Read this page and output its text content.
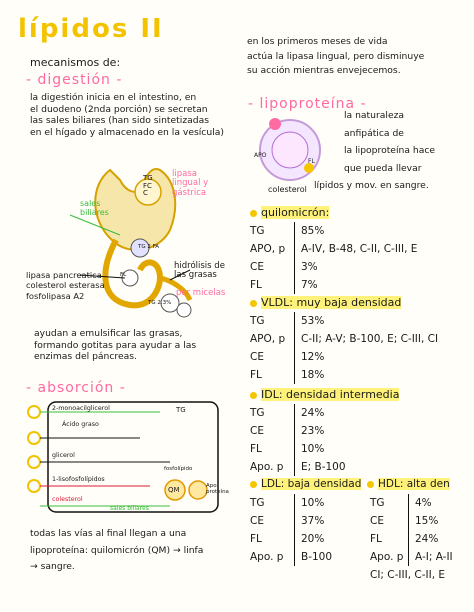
lípidos II
mecanismos de:
- digestión -
la digestión inicia en el intestino, en
el duodeno (2nda porción) se secretan
las sales biliares (han sido sintetizadas
en el hígado y almacenado en la vesícula)
TG
FC
C
lipasa lingual y gástrica
sales biliares
TG 2 FA
FL
TG 2.3%
hidrólisis de las grasas
por micelas
lipasa pancreatica
colesterol esterasa
fosfolipasa A2
ayudan a emulsificar las grasas,
formando gotitas para ayudar a las
enzimas del páncreas.
- absorción -
2-monoacilglicerol
Ácido graso
glicerol
1-lisofosfolípidos
colesterol
TG
QM	Apo proteína
fosfolípido
sales biliares
todas las vías al final llegan a una
lipoproteína: quilomicrón (QM) → linfa
→ sangre.
en los primeros meses de vida
actúa la lipasa lingual, pero disminuye
su acción mientras envejecemos.
- lipoproteína -
APO
FL
colesterol
la naturaleza
anfipática de
la lipoproteína hace
que pueda llevar
lípidos y mov. en sangre.
quilomicrón:
TG	85%
APO, p A-IV, B-48, C-II, C-III, E
CE	3%
FL	7%
VLDL: muy baja densidad
TG	53%
APO, p C-II; A-V; B-100, E; C-III, CI
CE	12%
FL	18%
IDL: densidad intermedia
TG	24%
CE	23%
FL	10%
Apo. p E; B-100
LDL: baja densidad
TG	10%
CE	37%
FL	20%
Apo. p B-100
HDL: alta den
TG	4%
CE	15%
FL	24%
Apo. p A-I; A-II
CI; C-III, C-II, E
